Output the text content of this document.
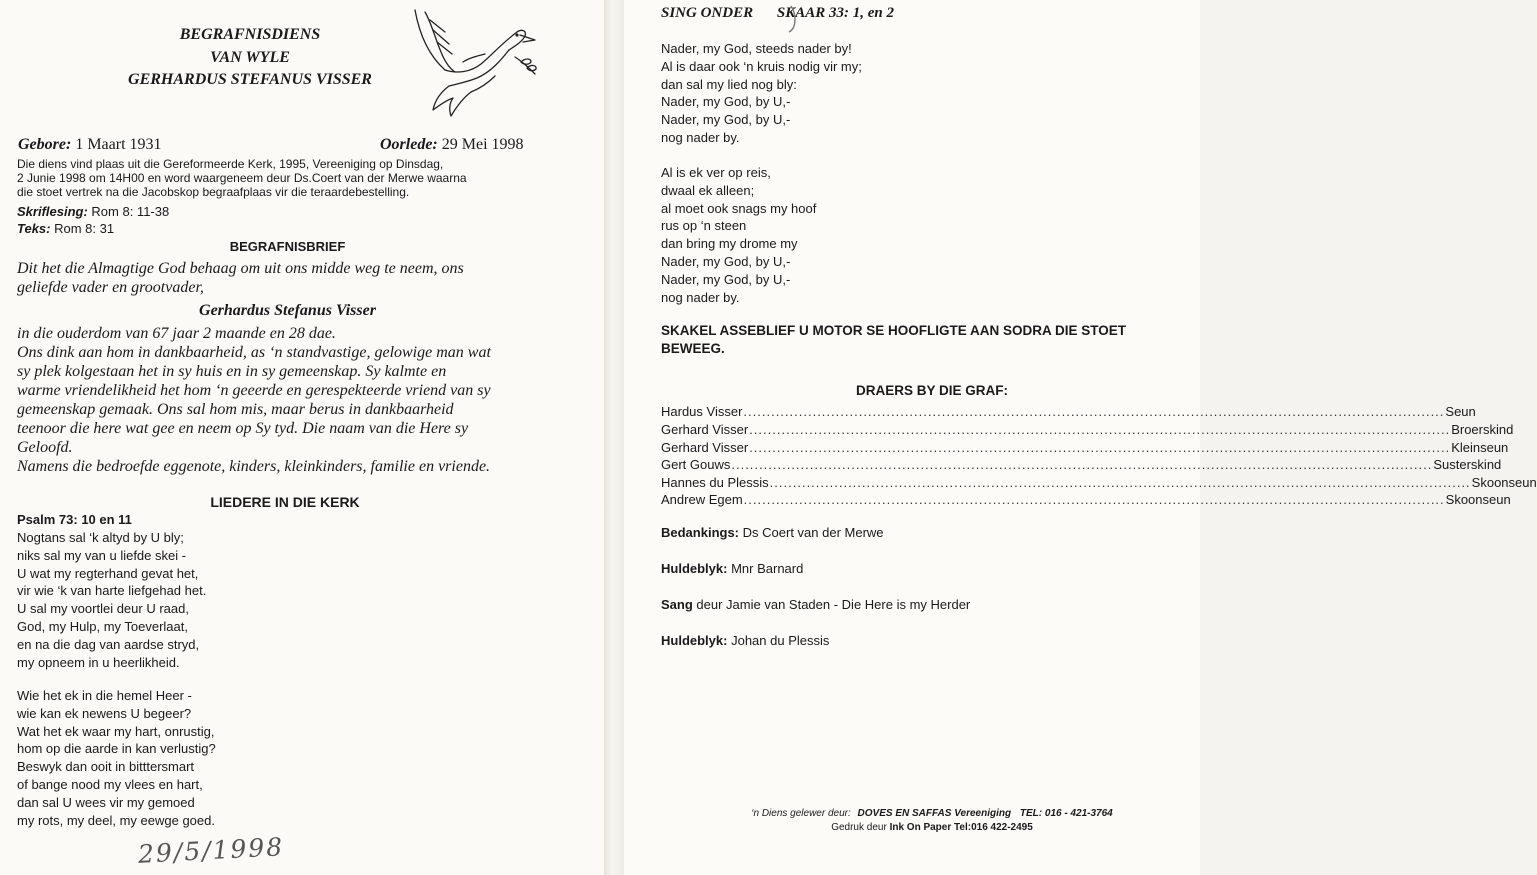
BEGRAFNISDIENS
VAN WYLE
GERHARDUS STEFANUS VISSER
Gebore: 1 Maart 1931	Oorlede: 29 Mei 1998
Die diens vind plaas uit die Gereformeerde Kerk, 1995, Vereeniging op Dinsdag,
2 Junie 1998 om 14H00 en word waargeneem deur Ds.Coert van der Merwe waarna
die stoet vertrek na die Jacobskop begraafplaas vir die teraardebestelling.
Skriflesing: Rom 8: 11-38
Teks: Rom 8: 31
BEGRAFNISBRIEF
Dit het die Almagtige God behaag om uit ons midde weg te neem, ons
geliefde vader en grootvader,
Gerhardus Stefanus Visser
in die ouderdom van 67 jaar 2 maande en 28 dae.
Ons dink aan hom in dankbaarheid, as ‘n standvastige, gelowige man wat
sy plek kolgestaan het in sy huis en in sy gemeenskap. Sy kalmte en
warme vriendelikheid het hom ‘n geeerde en gerespekteerde vriend van sy
gemeenskap gemaak. Ons sal hom mis, maar berus in dankbaarheid
teenoor die here wat gee en neem op Sy tyd. Die naam van die Here sy
Geloofd.
Namens die bedroefde eggenote, kinders, kleinkinders, familie en vriende.
LIEDERE IN DIE KERK
Psalm 73: 10 en 11
Nogtans sal ‘k altyd by U bly;
niks sal my van u liefde skei -
U wat my regterhand gevat het,
vir wie ‘k van harte liefgehad het.
U sal my voortlei deur U raad,
God, my Hulp, my Toeverlaat,
en na die dag van aardse stryd,
my opneem in u heerlikheid.
Wie het ek in die hemel Heer -
wie kan ek newens U begeer?
Wat het ek waar my hart, onrustig,
hom op die aarde in kan verlustig?
Beswyk dan ooit in bitttersmart
of bange nood my vlees en hart,
dan sal U wees vir my gemoed
my rots, my deel, my eewge goed.
29/5/1998
SING ONDER SKAAR 33: 1, en 2
Nader, my God, steeds nader by!
Al is daar ook ‘n kruis nodig vir my;
dan sal my lied nog bly:
Nader, my God, by U,-
Nader, my God, by U,-
nog nader by.
Al is ek ver op reis,
dwaal ek alleen;
al moet ook snags my hoof
rus op ‘n steen
dan bring my drome my
Nader, my God, by U,-
Nader, my God, by U,-
nog nader by.
SKAKEL ASSEBLIEF U MOTOR SE HOOFLIGTE AAN SODRA DIE STOET
BEWEEG.
DRAERS BY DIE GRAF:
Hardus Visser ........................................................................................................................................................ Seun
Gerhard Visser ........................................................................................................................................................ Broerskind
Gerhard Visser ........................................................................................................................................................ Kleinseun
Gert Gouws ........................................................................................................................................................ Susterskind
Hannes du Plessis ........................................................................................................................................................ Skoonseun
Andrew Egem ........................................................................................................................................................ Skoonseun
Bedankings: Ds Coert van der Merwe
Huldeblyk: Mnr Barnard
Sang deur Jamie van Staden - Die Here is my Herder
Huldeblyk: Johan du Plessis
‘n Diens gelewer deur: DOVES EN SAFFAS Vereeniging TEL: 016 - 421-3764
Gedruk deur Ink On Paper Tel:016 422-2495
